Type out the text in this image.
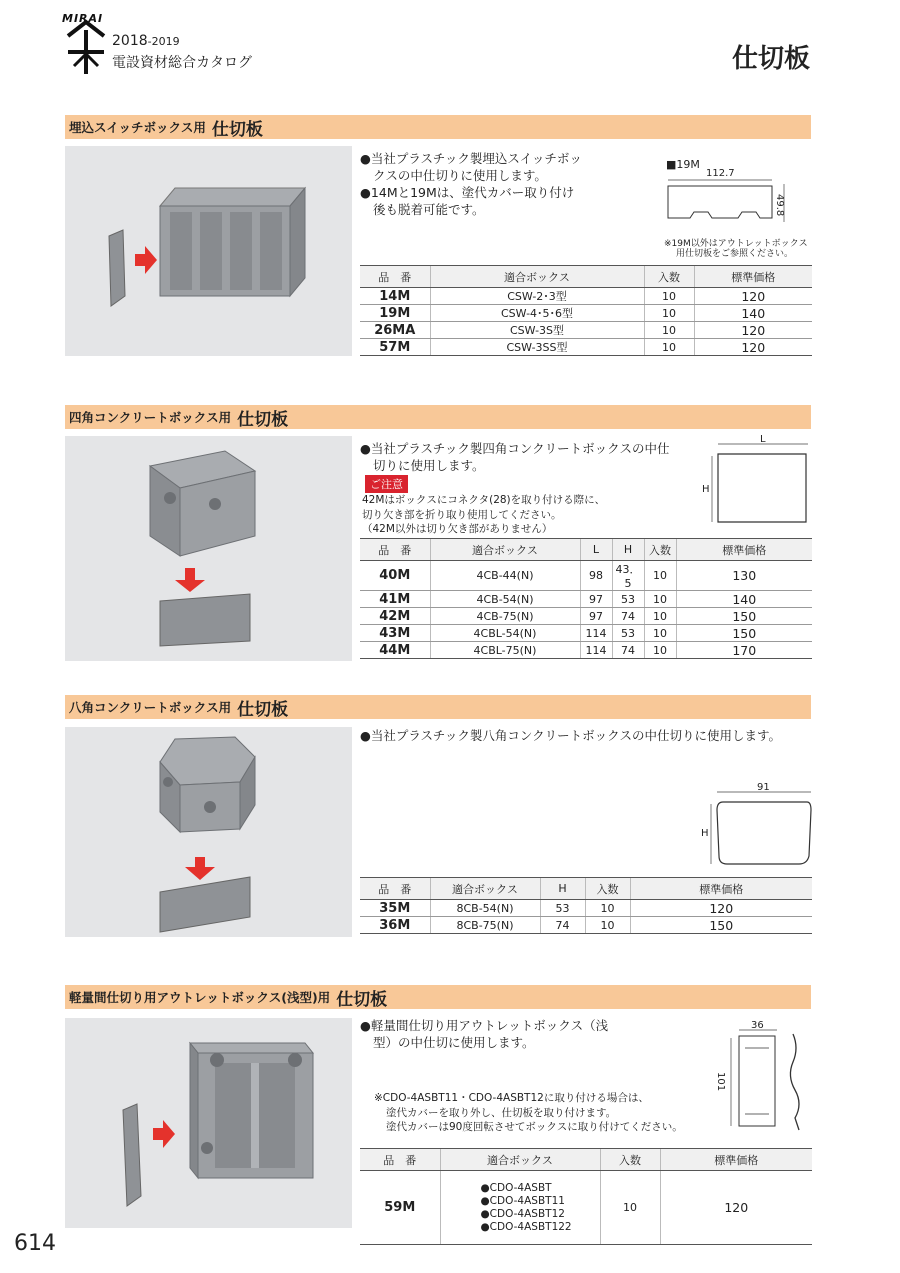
MIRAI
2018-2019
電設資材総合カタログ	仕切板
埋込スイッチボックス用 仕切板
●当社プラスチック製埋込スイッチボックスの中仕切りに使用します。
●14Mと19Mは、塗代カバー取り付け後も脱着可能です。
■19M
112.7
49.8
※19M以外はアウトレットボックス
用仕切板をご参照ください。
品　番	適合ボックス	入数	標準価格
14M	CSW-2･3型	10	120
19M	CSW-4･5･6型	10	140
26MA	CSW-3S型	10	120
57M	CSW-3SS型	10	120
四角コンクリートボックス用 仕切板
●当社プラスチック製四角コンクリートボックスの中仕切りに使用します。
ご注意
42Mはボックスにコネクタ(28)を取り付ける際に、
切り欠き部を折り取り使用してください。
（42M以外は切り欠き部がありません）
L
H
品　番	適合ボックス	L	H	入数	標準価格
40M	4CB-44(N)	98	43．5	10	130
41M	4CB-54(N)	97	53	10	140
42M	4CB-75(N)	97	74	10	150
43M	4CBL-54(N)	114	53	10	150
44M	4CBL-75(N)	114	74	10	170
八角コンクリートボックス用 仕切板
●当社プラスチック製八角コンクリートボックスの中仕切りに使用します。
91
H
品　番	適合ボックス	H	入数	標準価格
35M	8CB-54(N)	53	10	120
36M	8CB-75(N)	74	10	150
軽量間仕切り用アウトレットボックス(浅型)用 仕切板
●軽量間仕切り用アウトレットボックス（浅型）の中仕切に使用します。
※CDO-4ASBT11・CDO-4ASBT12に取り付ける場合は、
塗代カバーを取り外し、仕切板を取り付けます。
塗代カバーは90度回転させてボックスに取り付けてください。
36
101
品　番	適合ボックス	入数	標準価格
59M	●CDO-4ASBT
●CDO-4ASBT11
●CDO-4ASBT12
●CDO-4ASBT122	10	120
614
